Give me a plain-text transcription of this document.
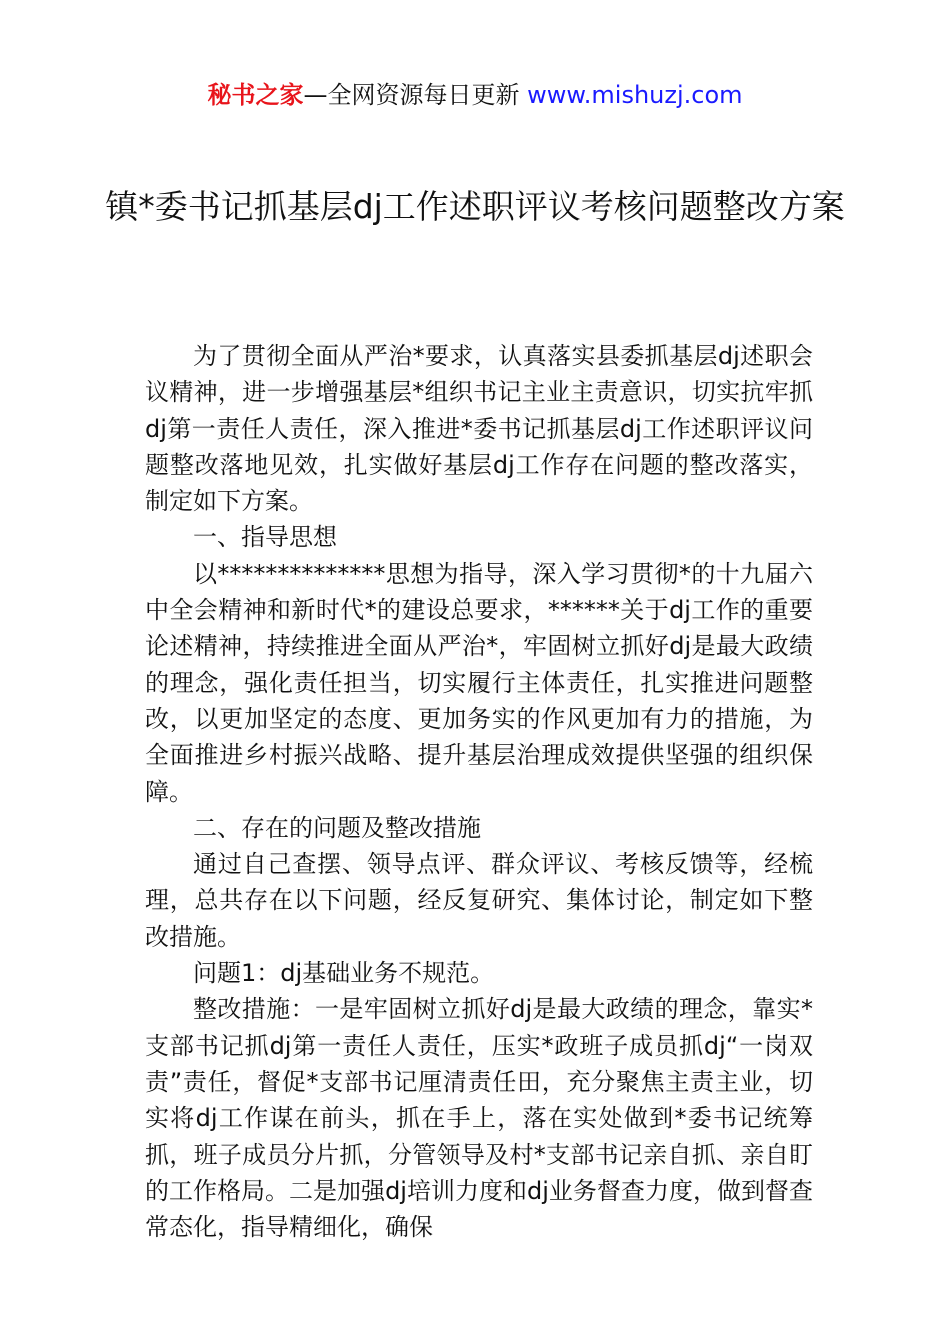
秘书之家—全网资源每日更新 www.mishuzj.com
镇*委书记抓基层dj工作述职评议考核问题整改方案

为了贯彻全面从严治*要求，认真落实县委抓基层dj述职会议精神，进一步增强基层*组织书记主业主责意识，切实抗牢抓dj第一责任人责任，深入推进*委书记抓基层dj工作述职评议问题整改落地见效，扎实做好基层dj工作存在问题的整改落实，制定如下方案。

一、指导思想

以**************思想为指导，深入学习贯彻*的十九届六中全会精神和新时代*的建设总要求，******关于dj工作的重要论述精神，持续推进全面从严治*，牢固树立抓好dj是最大政绩的理念，强化责任担当，切实履行主体责任，扎实推进问题整改，以更加坚定的态度、更加务实的作风更加有力的措施，为全面推进乡村振兴战略、提升基层治理成效提供坚强的组织保障。

二、存在的问题及整改措施

通过自己查摆、领导点评、群众评议、考核反馈等，经梳理，总共存在以下问题，经反复研究、集体讨论，制定如下整改措施。

问题1：dj基础业务不规范。

整改措施：一是牢固树立抓好dj是最大政绩的理念，靠实*支部书记抓dj第一责任人责任，压实*政班子成员抓dj“一岗双责”责任，督促*支部书记厘清责任田，充分聚焦主责主业，切实将dj工作谋在前头，抓在手上，落在实处做到*委书记统筹抓，班子成员分片抓，分管领导及村*支部书记亲自抓、亲自盯的工作格局。二是加强dj培训力度和dj业务督查力度，做到督查常态化，指导精细化，确保
